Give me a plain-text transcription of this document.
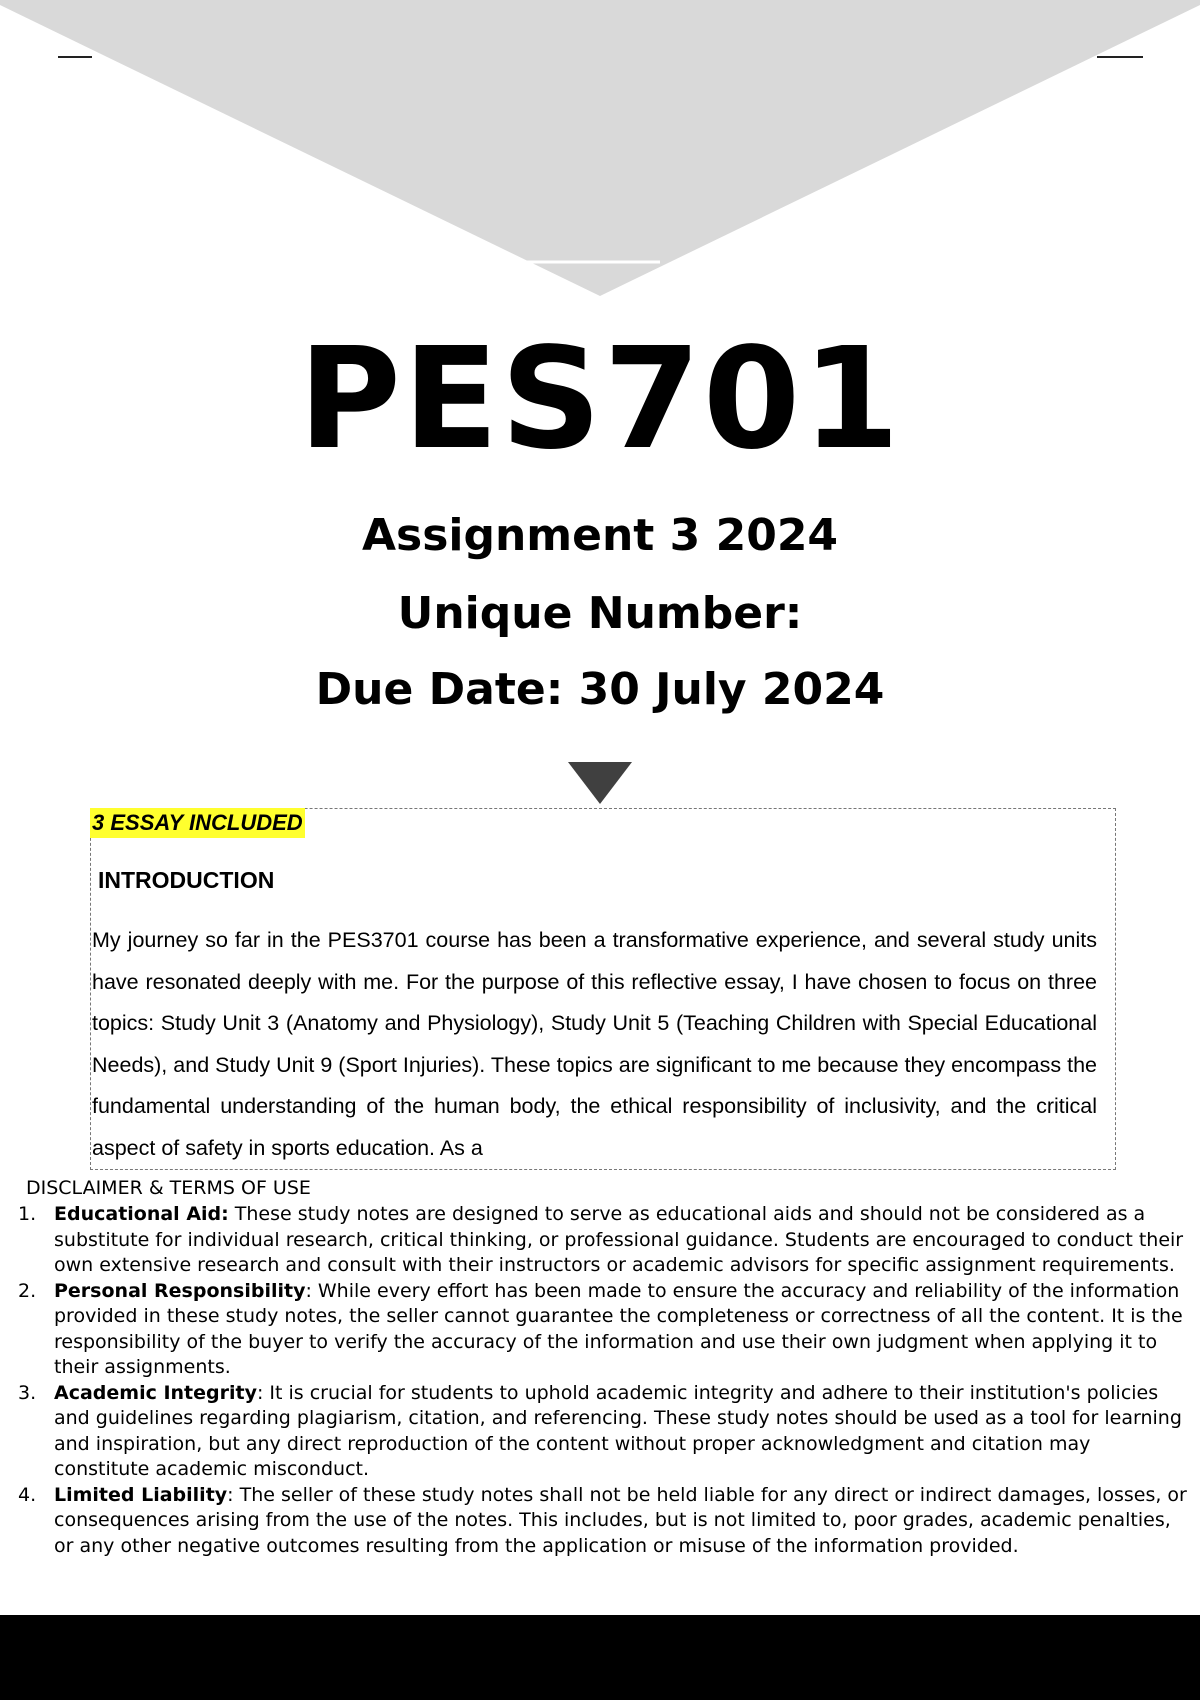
PES701
Assignment 3 2024
Unique Number:
Due Date: 30 July 2024
3 ESSAY INCLUDED
INTRODUCTION

My journey so far in the PES3701 course has been a transformative experience, and several study units have resonated deeply with me. For the purpose of this reflective essay, I have chosen to focus on three topics: Study Unit 3 (Anatomy and Physiology), Study Unit 5 (Teaching Children with Special Educational Needs), and Study Unit 9 (Sport Injuries). These topics are significant to me because they encompass the fundamental understanding of the human body, the ethical responsibility of inclusivity, and the critical aspect of safety in sports education. As a

DISCLAIMER & TERMS OF USE
1. Educational Aid: These study notes are designed to serve as educational aids and should not be considered as a substitute for individual research, critical thinking, or professional guidance. Students are encouraged to conduct their own extensive research and consult with their instructors or academic advisors for specific assignment requirements.
2. Personal Responsibility: While every effort has been made to ensure the accuracy and reliability of the information provided in these study notes, the seller cannot guarantee the completeness or correctness of all the content. It is the responsibility of the buyer to verify the accuracy of the information and use their own judgment when applying it to their assignments.
3. Academic Integrity: It is crucial for students to uphold academic integrity and adhere to their institution's policies and guidelines regarding plagiarism, citation, and referencing. These study notes should be used as a tool for learning and inspiration, but any direct reproduction of the content without proper acknowledgment and citation may constitute academic misconduct.
4. Limited Liability: The seller of these study notes shall not be held liable for any direct or indirect damages, losses, or consequences arising from the use of the notes. This includes, but is not limited to, poor grades, academic penalties, or any other negative outcomes resulting from the application or misuse of the information provided.
